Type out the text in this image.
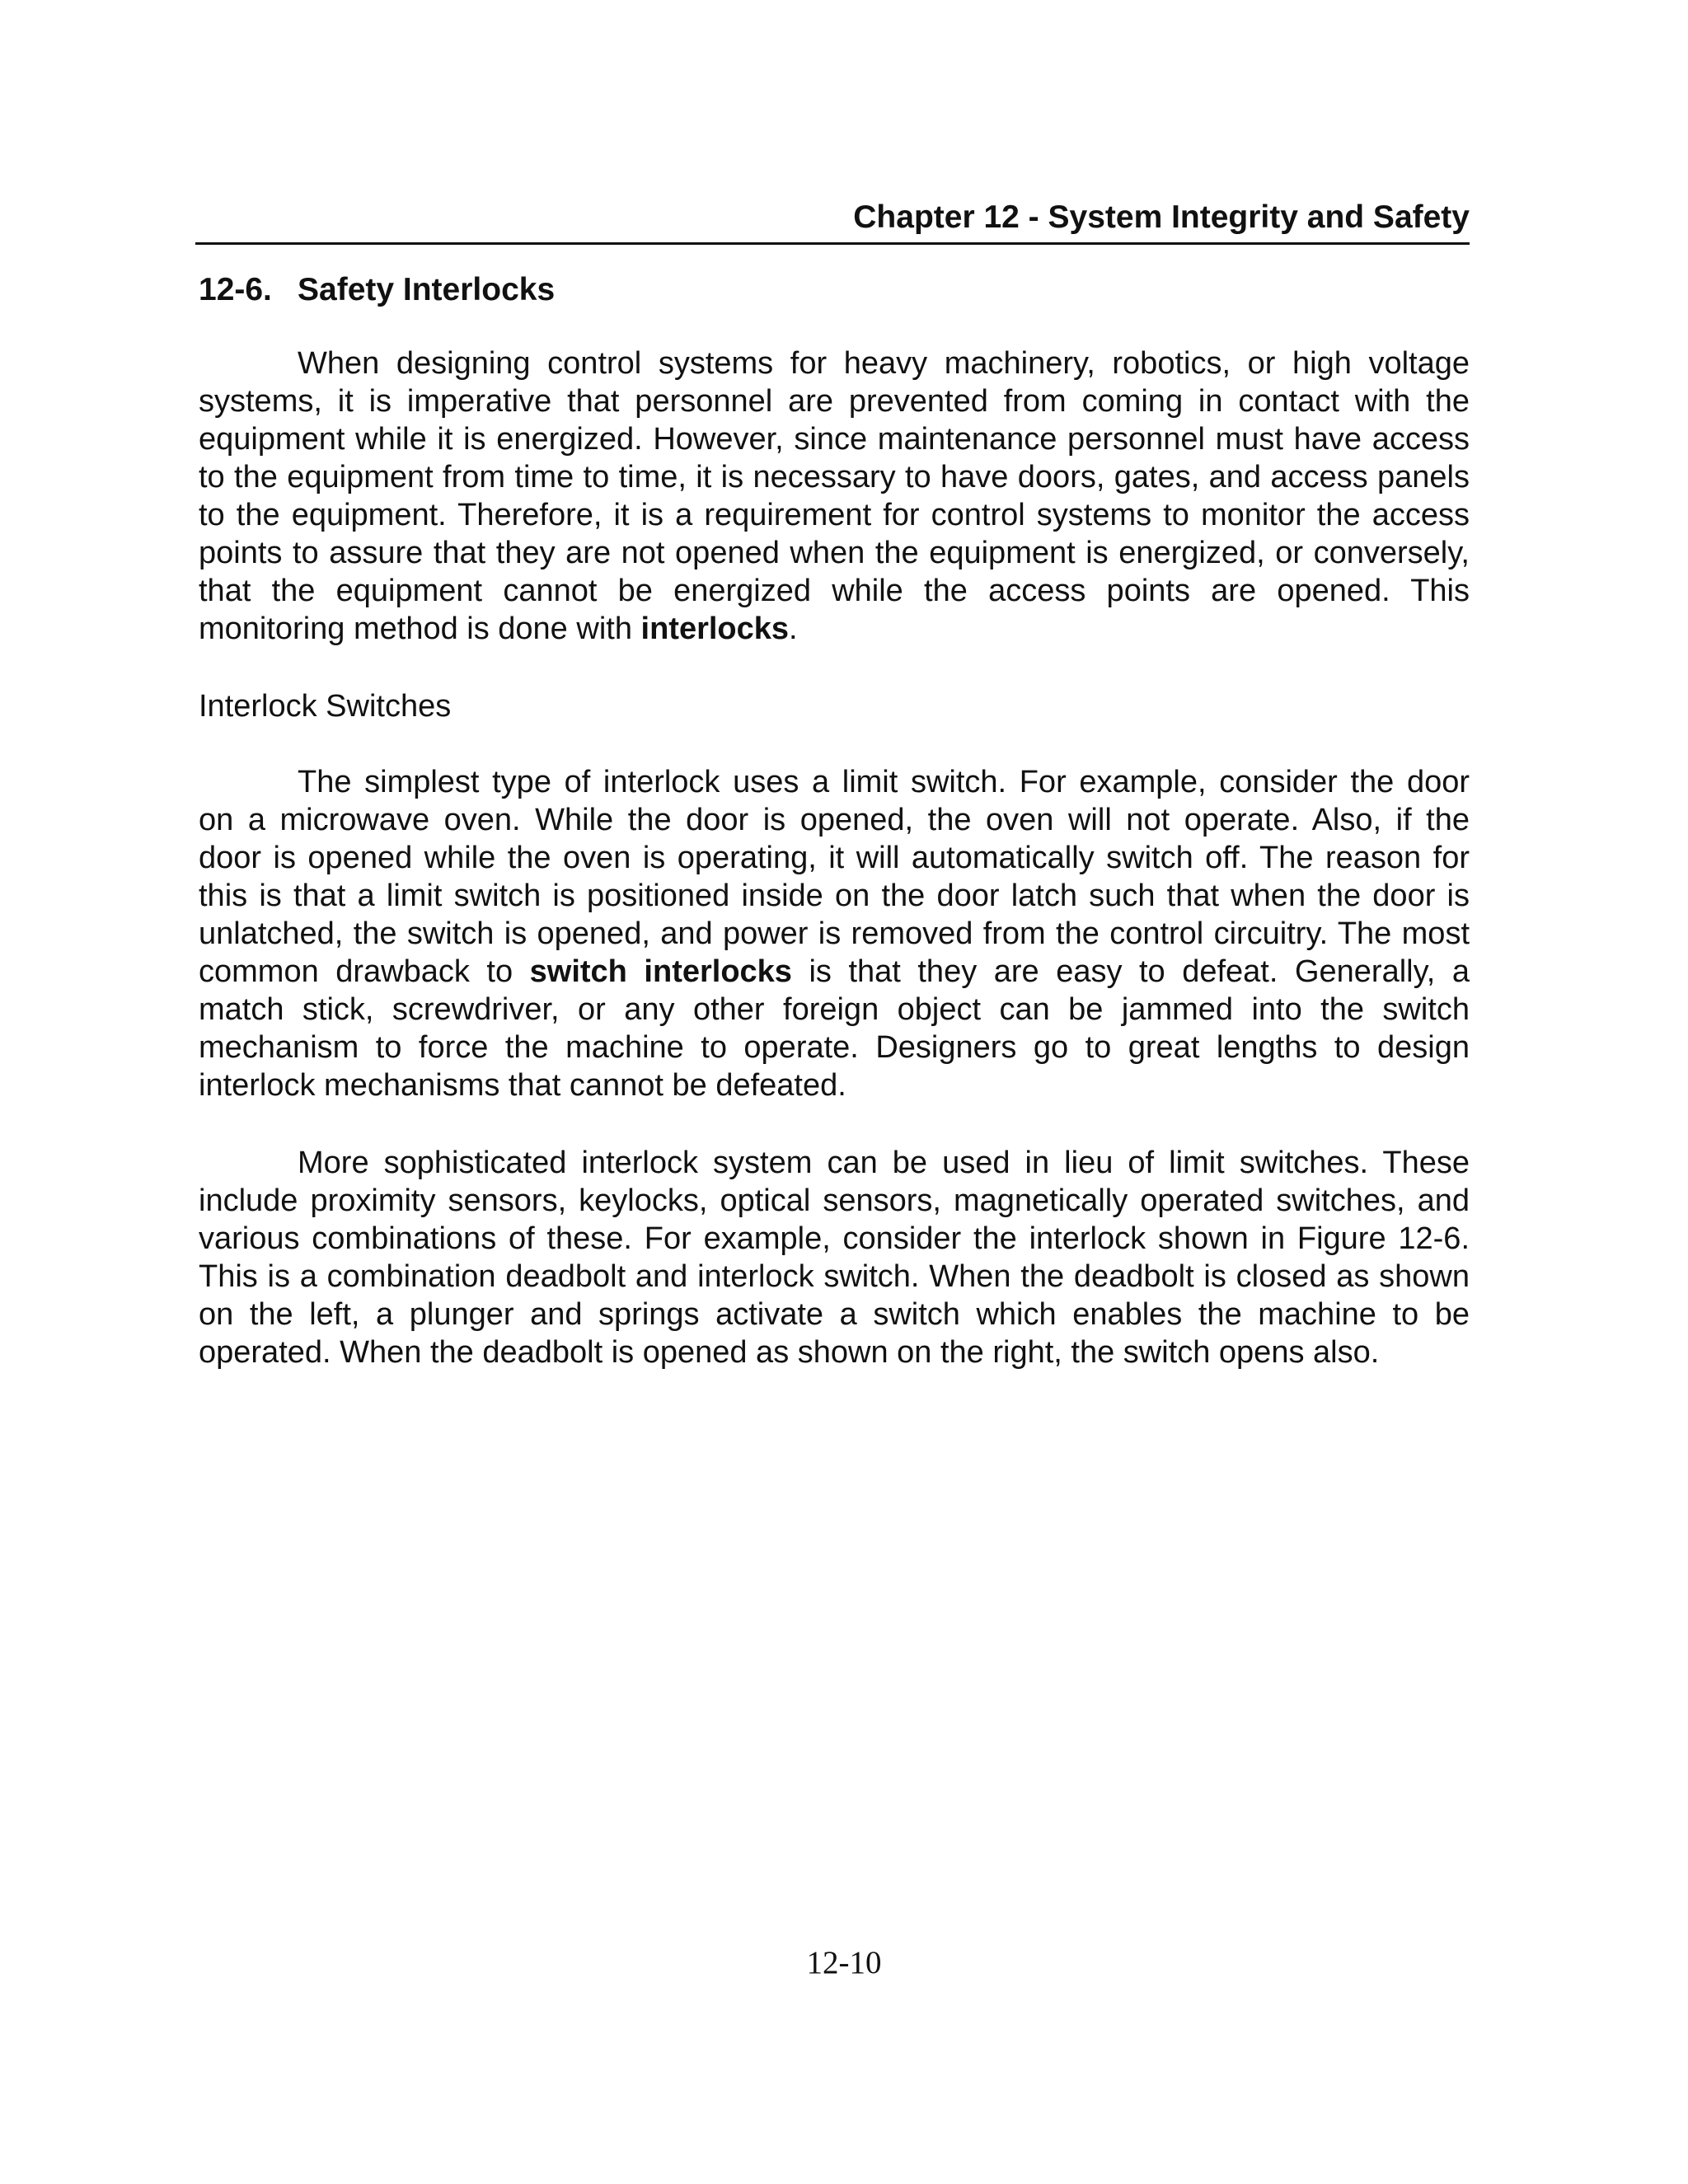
Chapter 12 - System Integrity and Safety
12-6. Safety Interlocks
When designing control systems for heavy machinery, robotics, or high voltage
systems, it is imperative that personnel are prevented from coming in contact with the
equipment while it is energized. However, since maintenance personnel must have access
to the equipment from time to time, it is necessary to have doors, gates, and access panels
to the equipment. Therefore, it is a requirement for control systems to monitor the access
points to assure that they are not opened when the equipment is energized, or conversely,
that the equipment cannot be energized while the access points are opened. This
monitoring method is done with interlocks.
Interlock Switches
The simplest type of interlock uses a limit switch. For example, consider the door
on a microwave oven. While the door is opened, the oven will not operate. Also, if the
door is opened while the oven is operating, it will automatically switch off. The reason for
this is that a limit switch is positioned inside on the door latch such that when the door is
unlatched, the switch is opened, and power is removed from the control circuitry. The most
common drawback to switch interlocks is that they are easy to defeat. Generally, a
match stick, screwdriver, or any other foreign object can be jammed into the switch
mechanism to force the machine to operate. Designers go to great lengths to design
interlock mechanisms that cannot be defeated.
More sophisticated interlock system can be used in lieu of limit switches. These
include proximity sensors, keylocks, optical sensors, magnetically operated switches, and
various combinations of these. For example, consider the interlock shown in Figure 12-6.
This is a combination deadbolt and interlock switch. When the deadbolt is closed as shown
on the left, a plunger and springs activate a switch which enables the machine to be
operated. When the deadbolt is opened as shown on the right, the switch opens also.
12-10
